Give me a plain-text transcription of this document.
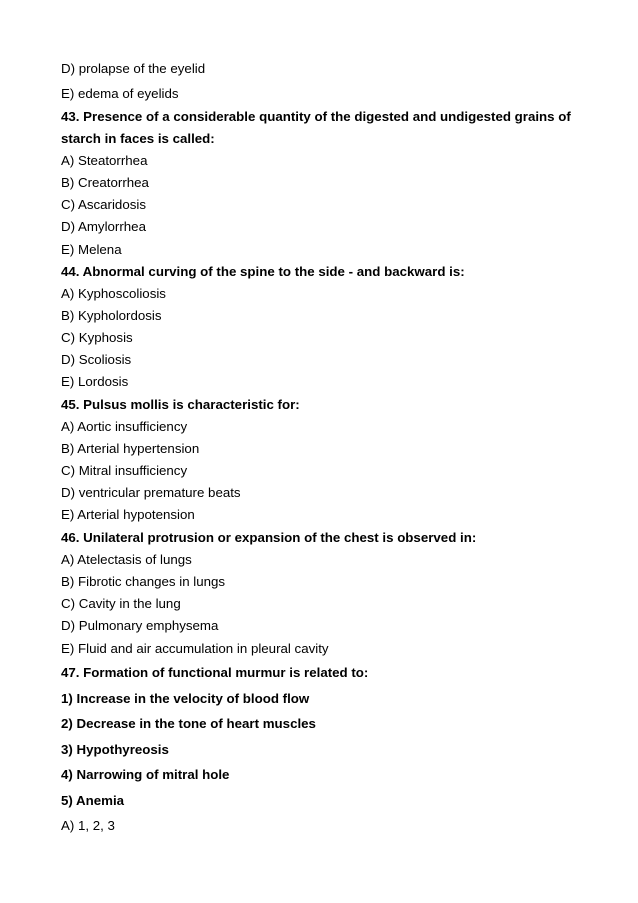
D) prolapse of the eyelid
E) edema of eyelids
43. Presence of a considerable quantity of the digested and undigested grains of
starch in faces is called:
A) Steatorrhea
B) Creatorrhea
C) Ascaridosis
D) Amylorrhea
E) Melena
44. Abnormal curving of the spine to the side - and backward is:
A) Kyphoscoliosis
B) Kypholordosis
C) Kyphosis
D) Scoliosis
E) Lordosis
45. Pulsus mollis is characteristic for:
A) Aortic insufficiency
B) Arterial hypertension
C) Mitral insufficiency
D) ventricular premature beats
E) Arterial hypotension
46. Unilateral protrusion or expansion of the chest is observed in:
A) Atelectasis of lungs
B) Fibrotic changes in lungs
C) Cavity in the lung
D) Pulmonary emphysema
E) Fluid and air accumulation in pleural cavity
47. Formation of functional murmur is related to:
1) Increase in the velocity of blood flow
2) Decrease in the tone of heart muscles
3) Hypothyreosis
4) Narrowing of mitral hole
5) Anemia
A) 1, 2, 3
